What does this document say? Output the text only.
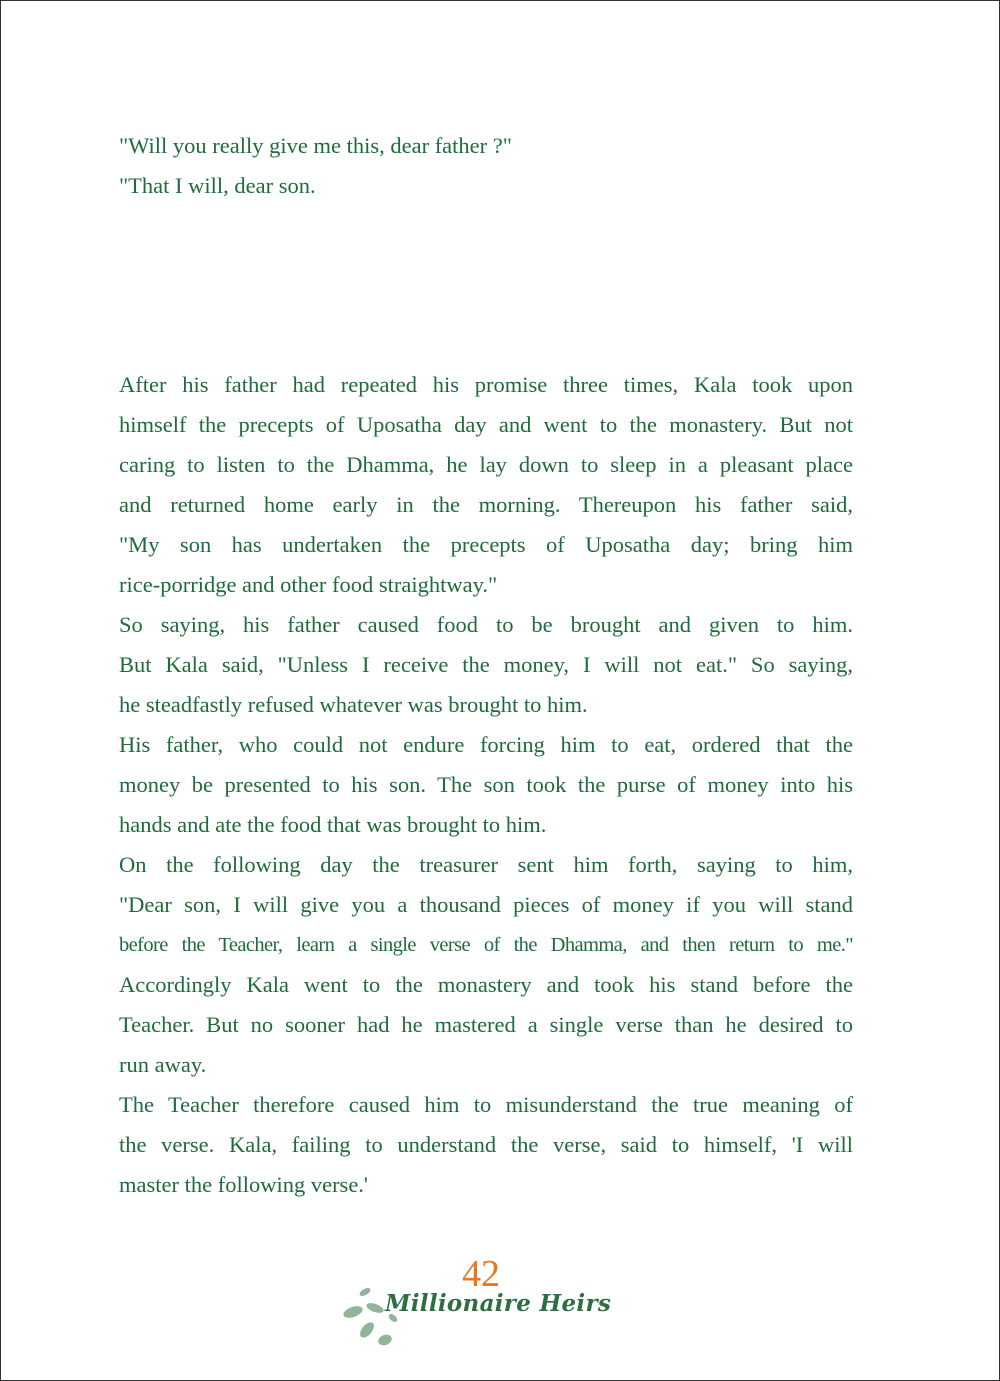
"Will you really give me this, dear father ?"

"That I will, dear son.

After his father had repeated his promise three times, Kala took upon

himself the precepts of Uposatha day and went to the monastery. But not

caring to listen to the Dhamma, he lay down to sleep in a pleasant place

and returned home early in the morning. Thereupon his father said,

"My son has undertaken the precepts of Uposatha day; bring him

rice-porridge and other food straightway."

So saying, his father caused food to be brought and given to him.

But Kala said, "Unless I receive the money, I will not eat." So saying,

he steadfastly refused whatever was brought to him.

His father, who could not endure forcing him to eat, ordered that the

money be presented to his son. The son took the purse of money into his

hands and ate the food that was brought to him.

On the following day the treasurer sent him forth, saying to him,

"Dear son, I will give you a thousand pieces of money if you will stand

before the Teacher, learn a single verse of the Dhamma, and then return to me."

Accordingly Kala went to the monastery and took his stand before the

Teacher. But no sooner had he mastered a single verse than he desired to

run away.

The Teacher therefore caused him to misunderstand the true meaning of

the verse. Kala, failing to understand the verse, said to himself, 'I will

master the following verse.'

42
Millionaire Heirs
